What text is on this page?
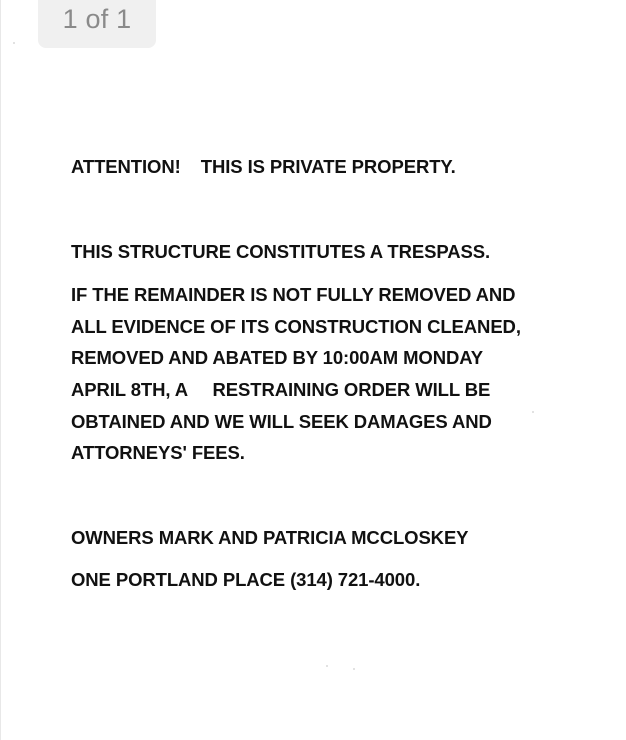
1 of 1
ATTENTION!    THIS IS PRIVATE PROPERTY.
THIS STRUCTURE CONSTITUTES A TRESPASS.
IF THE REMAINDER IS NOT FULLY REMOVED AND
ALL EVIDENCE OF ITS CONSTRUCTION CLEANED,
REMOVED AND ABATED BY 10:00AM MONDAY
APRIL 8TH, A     RESTRAINING ORDER WILL BE
OBTAINED AND WE WILL SEEK DAMAGES AND
ATTORNEYS' FEES.
OWNERS MARK AND PATRICIA MCCLOSKEY
ONE PORTLAND PLACE (314) 721-4000.
